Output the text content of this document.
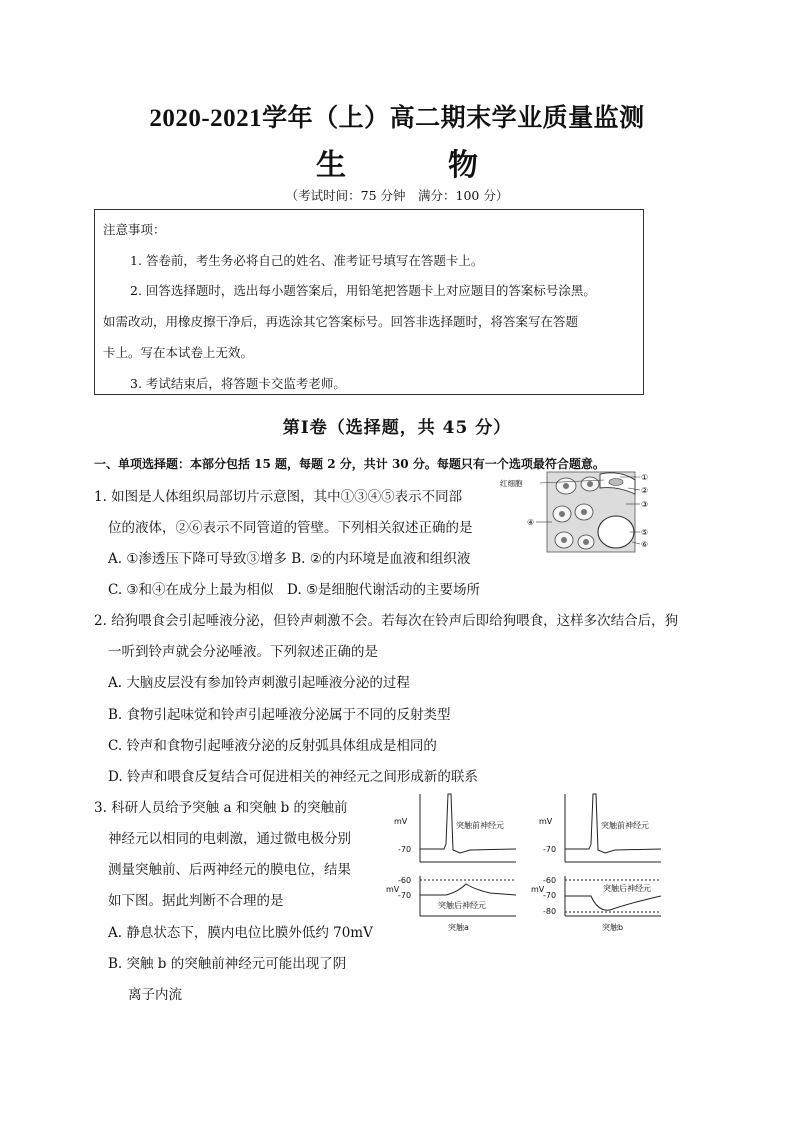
2020-2021学年（上）高二期末学业质量监测
生　物
（考试时间：75 分钟　满分：100 分）
注意事项：
1. 答卷前，考生务必将自己的姓名、准考证号填写在答题卡上。
2. 回答选择题时，选出每小题答案后，用铅笔把答题卡上对应题目的答案标号涂黑。
如需改动，用橡皮擦干净后，再选涂其它答案标号。回答非选择题时，将答案写在答题
卡上。写在本试卷上无效。
3. 考试结束后，将答题卡交监考老师。
第Ⅰ卷（选择题，共 45 分）
一、单项选择题：本部分包括 15 题，每题 2 分，共计 30 分。每题只有一个选项最符合题意。
1. 如图是人体组织局部切片示意图，其中①③④⑤表示不同部
位的液体，②⑥表示不同管道的管壁。下列相关叙述正确的是
A. ①渗透压下降可导致③增多 B. ②的内环境是血液和组织液
C. ③和④在成分上最为相似　D. ⑤是细胞代谢活动的主要场所
红细胞
①
②
③
④
⑤
⑥
2. 给狗喂食会引起唾液分泌，但铃声刺激不会。若每次在铃声后即给狗喂食，这样多次结合后，狗
一听到铃声就会分泌唾液。下列叙述正确的是
A. 大脑皮层没有参加铃声刺激引起唾液分泌的过程
B. 食物引起味觉和铃声引起唾液分泌属于不同的反射类型
C. 铃声和食物引起唾液分泌的反射弧具体组成是相同的
D. 铃声和喂食反复结合可促进相关的神经元之间形成新的联系
3. 科研人员给予突触 a 和突触 b 的突触前
神经元以相同的电刺激，通过微电极分别
测量突触前、后两神经元的膜电位，结果
如下图。据此判断不合理的是
A. 静息状态下，膜内电位比膜外低约 70mV
B. 突触 b 的突触前神经元可能出现了阴
离子内流
mV
-70
突触前神经元
-60
mV
-70
突触后神经元
突触a
mV
-70
突触前神经元
-60
mV
-70
-80
突触后神经元
突触b
